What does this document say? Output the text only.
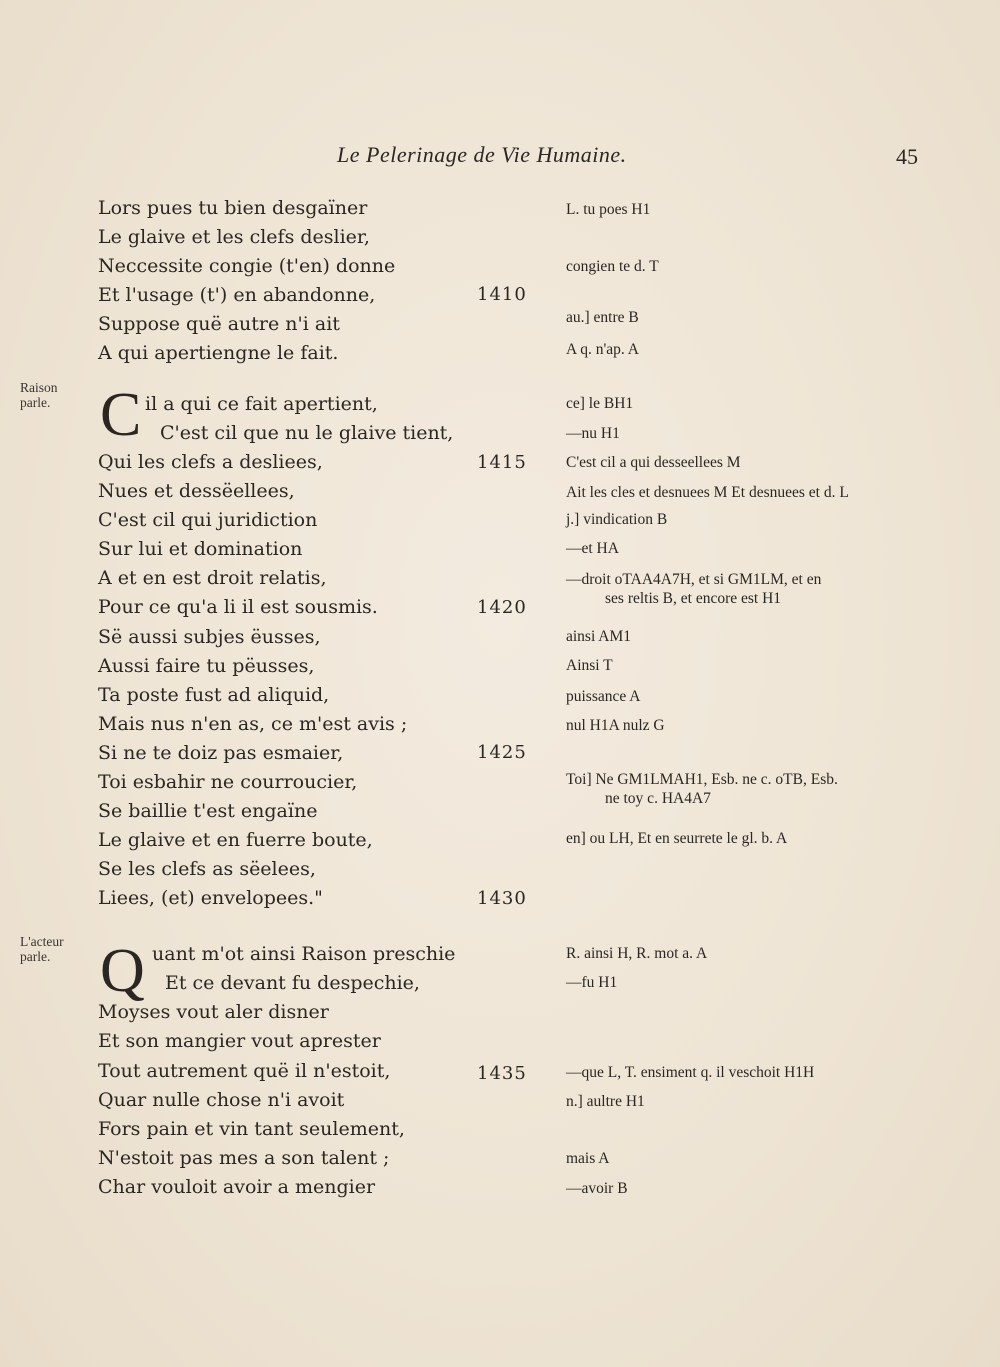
Le Pelerinage de Vie Humaine.	45
Raison parle.
L'acteur parle.
Lors pues tu bien desgaïner
Le glaive et les clefs deslier,
Neccessite congie (t'en) donne
Et l'usage (t') en abandonne,
Suppose quë autre n'i ait
A qui apertiengne le fait.
C il a qui ce fait apertient,
C'est cil que nu le glaive tient,
Qui les clefs a desliees,
Nues et dessëellees,
C'est cil qui juridiction
Sur lui et domination
A et en est droit relatis,
Pour ce qu'a li il est sousmis.
Së aussi subjes ëusses,
Aussi faire tu pëusses,
Ta poste fust ad aliquid,
Mais nus n'en as, ce m'est avis ;
Si ne te doiz pas esmaier,
Toi esbahir ne courroucier,
Se baillie t'est engaïne
Le glaive et en fuerre boute,
Se les clefs as sëelees,
Liees, (et) envelopees."
Q uant m'ot ainsi Raison preschie
Et ce devant fu despechie,
Moyses vout aler disner
Et son mangier vout aprester
Tout autrement quë il n'estoit,
Quar nulle chose n'i avoit
Fors pain et vin tant seulement,
N'estoit pas mes a son talent ;
Char vouloit avoir a mengier
1410
1415
1420
1425
1430
1435
L. tu poes H1
congien te d. T
au.] entre B
A q. n'ap. A
ce] le BH1
—nu H1
C'est cil a qui desseellees M
Ait les cles et desnuees M Et desnuees et d. L
j.] vindication B
—et HA
—droit oTAA4A7H, et si GM1LM, et en
ses reltis B, et encore est H1
ainsi AM1
Ainsi T
puissance A
nul H1A nulz G
Toi] Ne GM1LMAH1, Esb. ne c. oTB, Esb.
ne toy c. HA4A7
en] ou LH, Et en seurrete le gl. b. A
R. ainsi H, R. mot a. A
—fu H1
—que L, T. ensiment q. il veschoit H1H
n.] aultre H1
mais A
—avoir B
